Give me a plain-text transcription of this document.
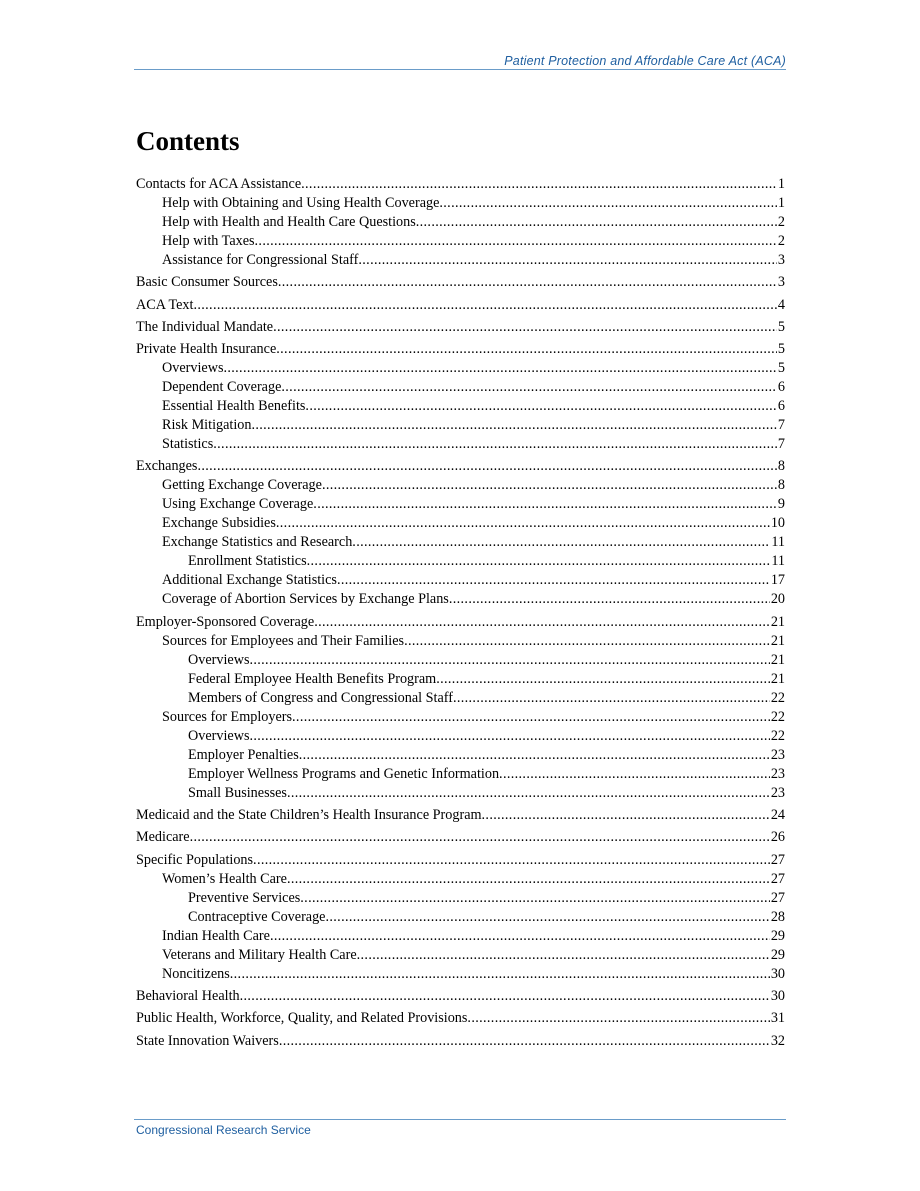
Patient Protection and Affordable Care Act (ACA)
Contents
Contacts for ACA Assistance .....	1
Help with Obtaining and Using Health Coverage .....	1
Help with Health and Health Care Questions .....	2
Help with Taxes .....	2
Assistance for Congressional Staff .....	3
Basic Consumer Sources .....	3
ACA Text .....	4
The Individual Mandate .....	5
Private Health Insurance .....	5
Overviews .....	5
Dependent Coverage .....	6
Essential Health Benefits .....	6
Risk Mitigation .....	7
Statistics .....	7
Exchanges .....	8
Getting Exchange Coverage .....	8
Using Exchange Coverage .....	9
Exchange Subsidies .....	10
Exchange Statistics and Research .....	11
Enrollment Statistics .....	11
Additional Exchange Statistics .....	17
Coverage of Abortion Services by Exchange Plans .....	20
Employer-Sponsored Coverage .....	21
Sources for Employees and Their Families .....	21
Overviews .....	21
Federal Employee Health Benefits Program .....	21
Members of Congress and Congressional Staff .....	22
Sources for Employers .....	22
Overviews .....	22
Employer Penalties .....	23
Employer Wellness Programs and Genetic Information .....	23
Small Businesses .....	23
Medicaid and the State Children’s Health Insurance Program .....	24
Medicare .....	26
Specific Populations .....	27
Women’s Health Care .....	27
Preventive Services .....	27
Contraceptive Coverage .....	28
Indian Health Care .....	29
Veterans and Military Health Care .....	29
Noncitizens .....	30
Behavioral Health .....	30
Public Health, Workforce, Quality, and Related Provisions .....	31
State Innovation Waivers .....	32
Congressional Research Service
